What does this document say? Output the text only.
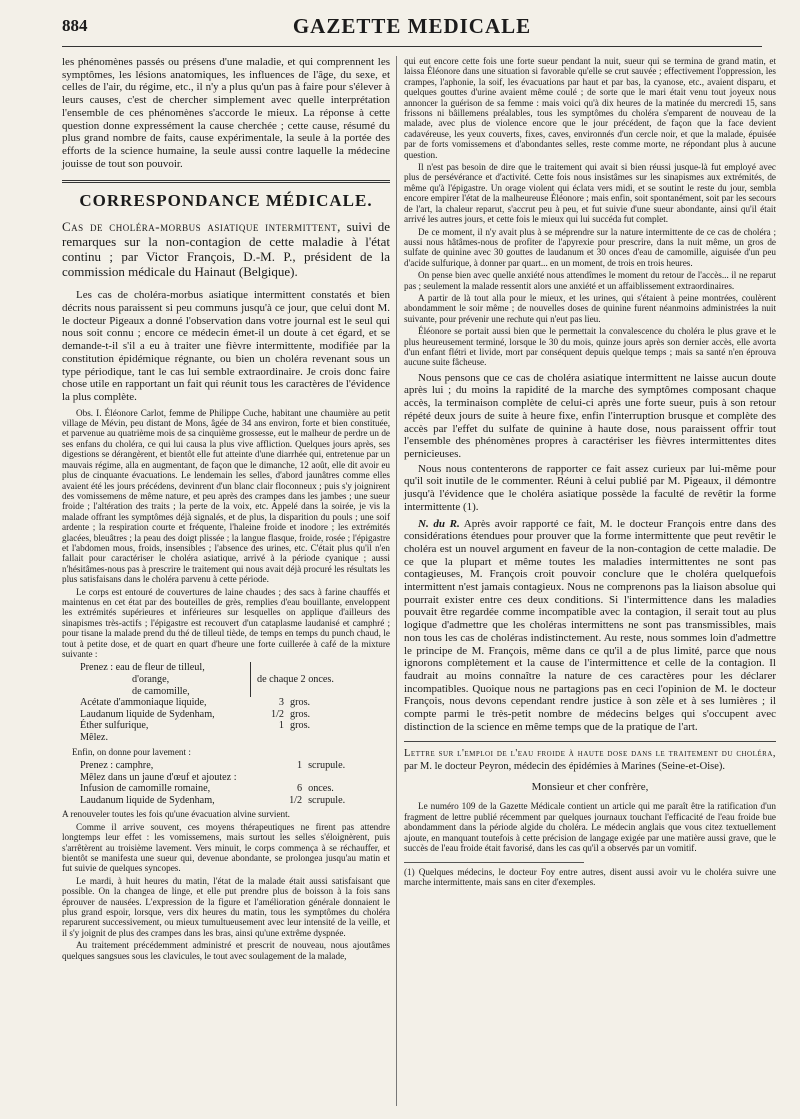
884	GAZETTE MEDICALE

les phénomènes passés ou présens d'une maladie, et qui comprennent les symptômes, les lésions anatomiques, les influences de l'âge, du sexe, et celles de l'air, du régime, etc., il n'y a plus qu'un pas à faire pour s'élever à leurs causes, c'est de chercher simplement avec quelle interprétation l'ensemble de ces phénomènes s'accorde le mieux. La réponse à cette question donne expressément la cause cherchée ; cette cause, résumé du plus grand nombre de faits, cause expérimentale, la seule à la portée des efforts de la science humaine, la seule aussi contre laquelle la médecine jouisse de tout son pouvoir.

CORRESPONDANCE MÉDICALE.
Cas de choléra-morbus asiatique intermittent, suivi de remarques sur la non-contagion de cette maladie à l'état continu ; par Victor François, D.-M. P., président de la commission médicale du Hainaut (Belgique).

Les cas de choléra-morbus asiatique intermittent constatés et bien décrits nous paraissent si peu communs jusqu'à ce jour, que celui dont M. le docteur Pigeaux a donné l'observation dans votre journal est le seul qui nous soit connu ; encore ce médecin émet-il un doute à cet égard, et se demande-t-il s'il a eu à traiter une fièvre intermittente, modifiée par la constitution épidémique régnante, ou bien un choléra revenant sous un type périodique, tant le cas lui semble extraordinaire. Je crois donc faire chose utile en rapportant un fait qui réunit tous les caractères de l'évidence la plus complète.

Obs. I. Éléonore Carlot, femme de Philippe Cuche, habitant une chaumière au petit village de Mévin, peu distant de Mons, âgée de 34 ans environ, forte et bien constituée, et parvenue au quatrième mois de sa cinquième grossesse, eut le malheur de perdre un de ses enfans du choléra, ce qui lui causa la plus vive affliction. Quelques jours après, ses digestions se dérangèrent, et bientôt elle fut atteinte d'une diarrhée qui, entretenue par un mauvais régime, alla en augmentant, de façon que le dimanche, 12 août, elle dit avoir eu plus de cinquante évacuations. Le lendemain les selles, d'abord jaunâtres comme elles avaient été les jours précédens, devinrent d'un blanc clair floconneux ; puis s'y joignirent des vomissemens de même nature, et peu après des crampes dans les jambes ; une sueur froide ; l'altération des traits ; la perte de la voix, etc. Appelé dans la soirée, je vis la malade offrant les symptômes déjà signalés, et de plus, la disparition du pouls ; une soif ardente ; la respiration courte et fréquente, l'haleine froide et inodore ; les extrémités glacées, bleuâtres ; la peau des doigt plissée ; la langue flasque, froide, rosée ; l'épigastre et l'abdomen mous, froids, insensibles ; l'absence des urines, etc. C'était plus qu'il n'en fallait pour caractériser le choléra asiatique, arrivé à la période cyanique ; aussi n'hésitâmes-nous pas à prescrire le traitement qui nous avait déjà procuré les résultats les plus satisfaisans dans le choléra parvenu à cette période.

Le corps est entouré de couvertures de laine chaudes ; des sacs à farine chauffés et maintenus en cet état par des bouteilles de grès, remplies d'eau bouillante, enveloppent les extrémités supérieures et inférieures sur lesquelles on applique d'ailleurs des sinapismes très-actifs ; l'épigastre est recouvert d'un cataplasme laudanisé et camphré ; pour tisane la malade prend du thé de tilleul tiède, de temps en temps du punch chaud, le tout à petite dose, et de quart en quart d'heure une forte cuillerée à café de la mixture suivante :

Prenez : eau de fleur de tilleul,
d'orange,
de camomille,
de chaque 2 onces.
Acétate d'ammoniaque liquide,	3 gros.
Laudanum liquide de Sydenham,	1/2 gros.
Éther sulfurique,	1 gros.
Mêlez.

Enfin, on donne pour lavement :

Prenez : camphre,	1 scrupule.
Mêlez dans un jaune d'œuf et ajoutez :
Infusion de camomille romaine,	6 onces.
Laudanum liquide de Sydenham,	1/2 scrupule.

A renouveler toutes les fois qu'une évacuation alvine survient.

Comme il arrive souvent, ces moyens thérapeutiques ne firent pas attendre longtemps leur effet : les vomissemens, mais surtout les selles s'éloignèrent, puis s'arrêtèrent au troisième lavement. Vers minuit, le corps commença à se réchauffer, et bientôt se manifesta une sueur qui, devenue abondante, se prolongea jusqu'au matin et fut suivie de quelques syncopes.

Le mardi, à huit heures du matin, l'état de la malade était aussi satisfaisant que possible. On la changea de linge, et elle put prendre plus de boisson à la fois sans éprouver de nausées. L'expression de la figure et l'amélioration générale donnaient le plus grand espoir, lorsque, vers dix heures du matin, tous les symptômes du choléra reparurent successivement, ou mieux tumultueusement avec leur intensité de la veille, et il s'y joignit de plus des crampes dans les bras, ainsi qu'une extrême dyspnée.

Au traitement précédemment administré et prescrit de nouveau, nous ajoutâmes quelques sangsues sous les clavicules, le tout avec soulagement de la malade,

qui eut encore cette fois une forte sueur pendant la nuit, sueur qui se termina de grand matin, et laissa Éléonore dans une situation si favorable qu'elle se crut sauvée ; effectivement l'oppression, les crampes, l'aphonie, la soif, les évacuations par haut et par bas, la cyanose, etc., avaient disparu, et quelques gouttes d'urine avaient même coulé ; de sorte que le mari était venu tout joyeux nous annoncer la guérison de sa femme : mais voici qu'à dix heures de la matinée du mercredi 15, sans frissons ni bâillemens préalables, tous les symptômes du choléra s'emparent de nouveau de la malade, avec plus de violence encore que le jour précédent, de façon que la face devient cadavéreuse, les yeux couverts, fixes, caves, environnés d'un cercle noir, et que la malade, épuisée par de forts vomissemens et d'abondantes selles, reste comme morte, ne répondant plus à aucune question.

Il n'est pas besoin de dire que le traitement qui avait si bien réussi jusque-là fut employé avec plus de persévérance et d'activité. Cette fois nous insistâmes sur les sinapismes aux extrémités, de même qu'à l'épigastre. Un orage violent qui éclata vers midi, et se soutint le reste du jour, sembla encore empirer l'état de la malheureuse Éléonore ; mais enfin, soit spontanément, soit par les secours de l'art, la chaleur reparut, s'accrut peu à peu, et fut suivie d'une sueur abondante, ainsi qu'il était arrivé les autres jours, et cette fois le mieux qui lui succéda fut complet.

De ce moment, il n'y avait plus à se méprendre sur la nature intermittente de ce cas de choléra ; aussi nous hâtâmes-nous de profiter de l'apyrexie pour prescrire, dans la nuit même, un gros de sulfate de quinine avec 30 gouttes de laudanum et 30 onces d'eau de camomille, aiguisée d'un peu d'acide sulfurique, à donner par quart... en un moment, de trois en trois heures.

On pense bien avec quelle anxiété nous attendîmes le moment du retour de l'accès... il ne reparut pas ; seulement la malade ressentit alors une anxiété et un affaiblissement extraordinaires.

A partir de là tout alla pour le mieux, et les urines, qui s'étaient à peine montrées, coulèrent abondamment le soir même ; de nouvelles doses de quinine furent néanmoins administrées la nuit suivante, pour prévenir une rechute qui n'eut pas lieu.

Éléonore se portait aussi bien que le permettait la convalescence du choléra le plus grave et le plus heureusement terminé, lorsque le 30 du mois, quinze jours après son dernier accès, elle avorta d'un enfant flétri et livide, mort par conséquent depuis quelque temps ; mais sa santé n'en éprouva aucune suite fâcheuse.

Nous pensons que ce cas de choléra asiatique intermittent ne laisse aucun doute après lui ; du moins la rapidité de la marche des symptômes composant chaque accès, la terminaison complète de celui-ci après une forte sueur, puis à son retour répété deux jours de suite à heure fixe, enfin l'interruption brusque et complète des accès par l'effet du sulfate de quinine à haute dose, nous paraissent offrir tout l'ensemble des phénomènes propres à caractériser les fièvres intermittentes dites pernicieuses.

Nous nous contenterons de rapporter ce fait assez curieux par lui-même pour qu'il soit inutile de le commenter. Réuni à celui publié par M. Pigeaux, il démontre jusqu'à l'évidence que le choléra asiatique possède la faculté de revêtir la forme intermittente (1).

N. du R. Après avoir rapporté ce fait, M. le docteur François entre dans des considérations étendues pour prouver que la forme intermittente que peut revêtir le choléra est un nouvel argument en faveur de la non-contagion de cette maladie. De ce que la plupart et même toutes les maladies intermittentes ne sont pas contagieuses, M. François croit pouvoir conclure que le choléra quelquefois intermittent n'est jamais contagieux. Nous ne comprenons pas la liaison absolue qui pourrait exister entre ces deux conditions. Si l'intermittence dans les maladies pouvait être regardée comme incompatible avec la contagion, il serait tout au plus logique d'admettre que les choléras intermittens ne sont pas transmissibles, mais non tous les cas de choléras indistinctement. Au reste, nous sommes loin d'admettre le principe de M. François, même dans ce qu'il a de plus limité, parce que nous ignorons complètement et la cause de l'intermittence et celle de la contagion. Il faudrait au moins connaître la nature de ces caractères pour les déclarer incompatibles. Quoique nous ne partagions pas en ceci l'opinion de M. le docteur François, nous devons cependant rendre justice à son zèle et à ses lumières ; il compte parmi le très-petit nombre de médecins belges qui s'occupent avec distinction de la science en même temps que de la pratique de l'art.

Lettre sur l'emploi de l'eau froide à haute dose dans le traitement du choléra, par M. le docteur Peyron, médecin des épidémies à Marines (Seine-et-Oise).
Monsieur et cher confrère,

Le numéro 109 de la Gazette Médicale contient un article qui me paraît être la ratification d'un fragment de lettre publié récemment par quelques journaux touchant l'efficacité de l'eau froide bue abondamment dans la période algide du choléra. Le médecin anglais que vous citez textuellement ajoute, en manquant toutefois à cette précision de langage exigée par une matière aussi grave, que le succès de l'eau froide était favorisé, dans les cas qu'il a observés par un vomitif.

(1) Quelques médecins, le docteur Foy entre autres, disent aussi avoir vu le choléra suivre une marche intermittente, mais sans en citer d'exemples.
